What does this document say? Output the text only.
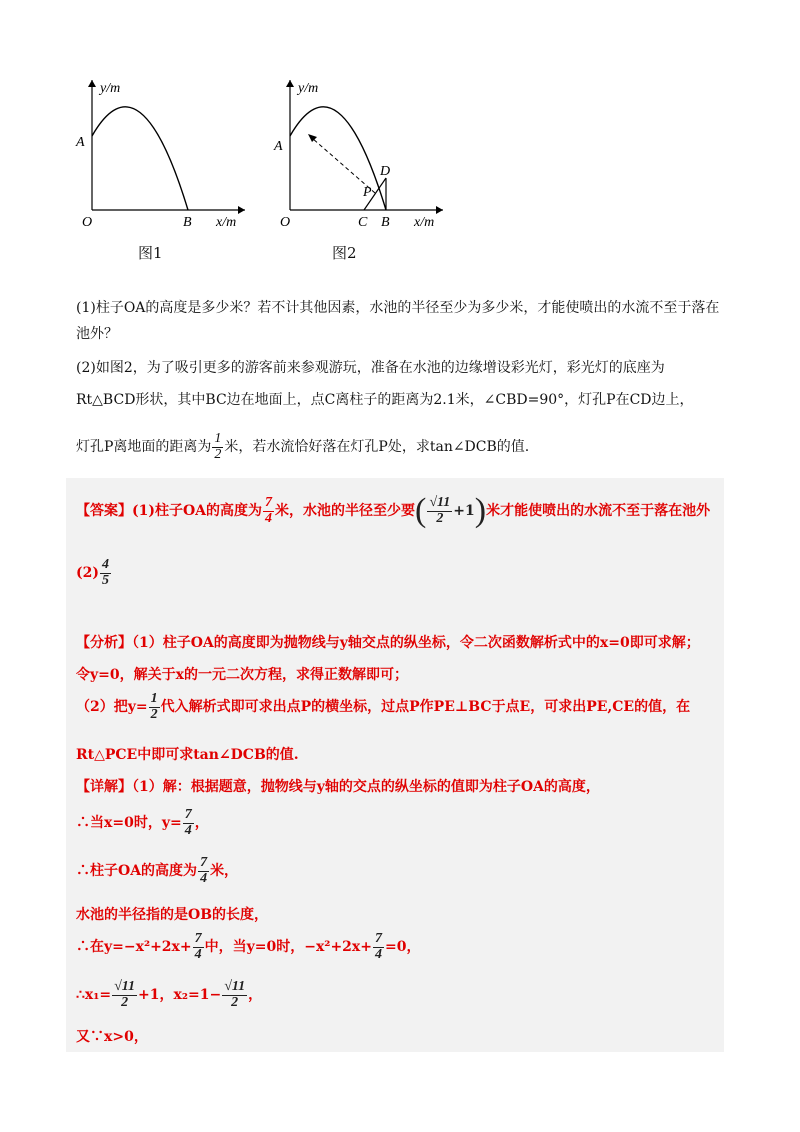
y/m
x/m
A
O	B
图1
y/m
x/m
A
O	C B
D
P
图2
(1)柱子OA的高度是多少米？若不计其他因素，水池的半径至少为多少米，才能使喷出的水流不至于落在
池外？
(2)如图2，为了吸引更多的游客前来参观游玩，准备在水池的边缘增设彩光灯，彩光灯的底座为
Rt△BCD形状，其中BC边在地面上，点C离柱子的距离为2.1米，∠CBD=90°，灯孔P在CD边上，
灯孔P离地面的距离为 $\frac{1}{2}$ 米，若水流恰好落在灯孔P处，求tan∠DCB的值.
【答案】(1)柱子OA的高度为 $\frac{7}{4}$ 米，水池的半径至少要( $\frac{√11}{2} +1$)米才能使喷出的水流不至于落在池外
$(2) \frac{4}{5}$
【分析】（1）柱子OA的高度即为抛物线与y轴交点的纵坐标，令二次函数解析式中的x=0即可求解；
令y=0，解关于x的一元二次方程，求得正数解即可；
（2）把$y= \frac{1}{2}$ 代入解析式即可求出点P的横坐标，过点P作PE⊥BC于点E，可求出PE,CE的值，在
Rt△PCE中即可求tan∠DCB的值.
【详解】（1）解：根据题意，抛物线与y轴的交点的纵坐标的值即为柱子OA的高度，
∴当x=0时，$y= \frac{7}{4}$ ，
∴柱子OA的高度为 $\frac{7}{4}$ 米，
水池的半径指的是OB的长度，
∴在$y=-x^2+2x+ \frac{7}{4}$ 中，当y=0时，$-x^2+2x+ \frac{7}{4} =0$，
∴x₁= $\frac{√11}{2} +1$，$x_2=1- \frac{√11}{2}$ ，
又∵x>0，
